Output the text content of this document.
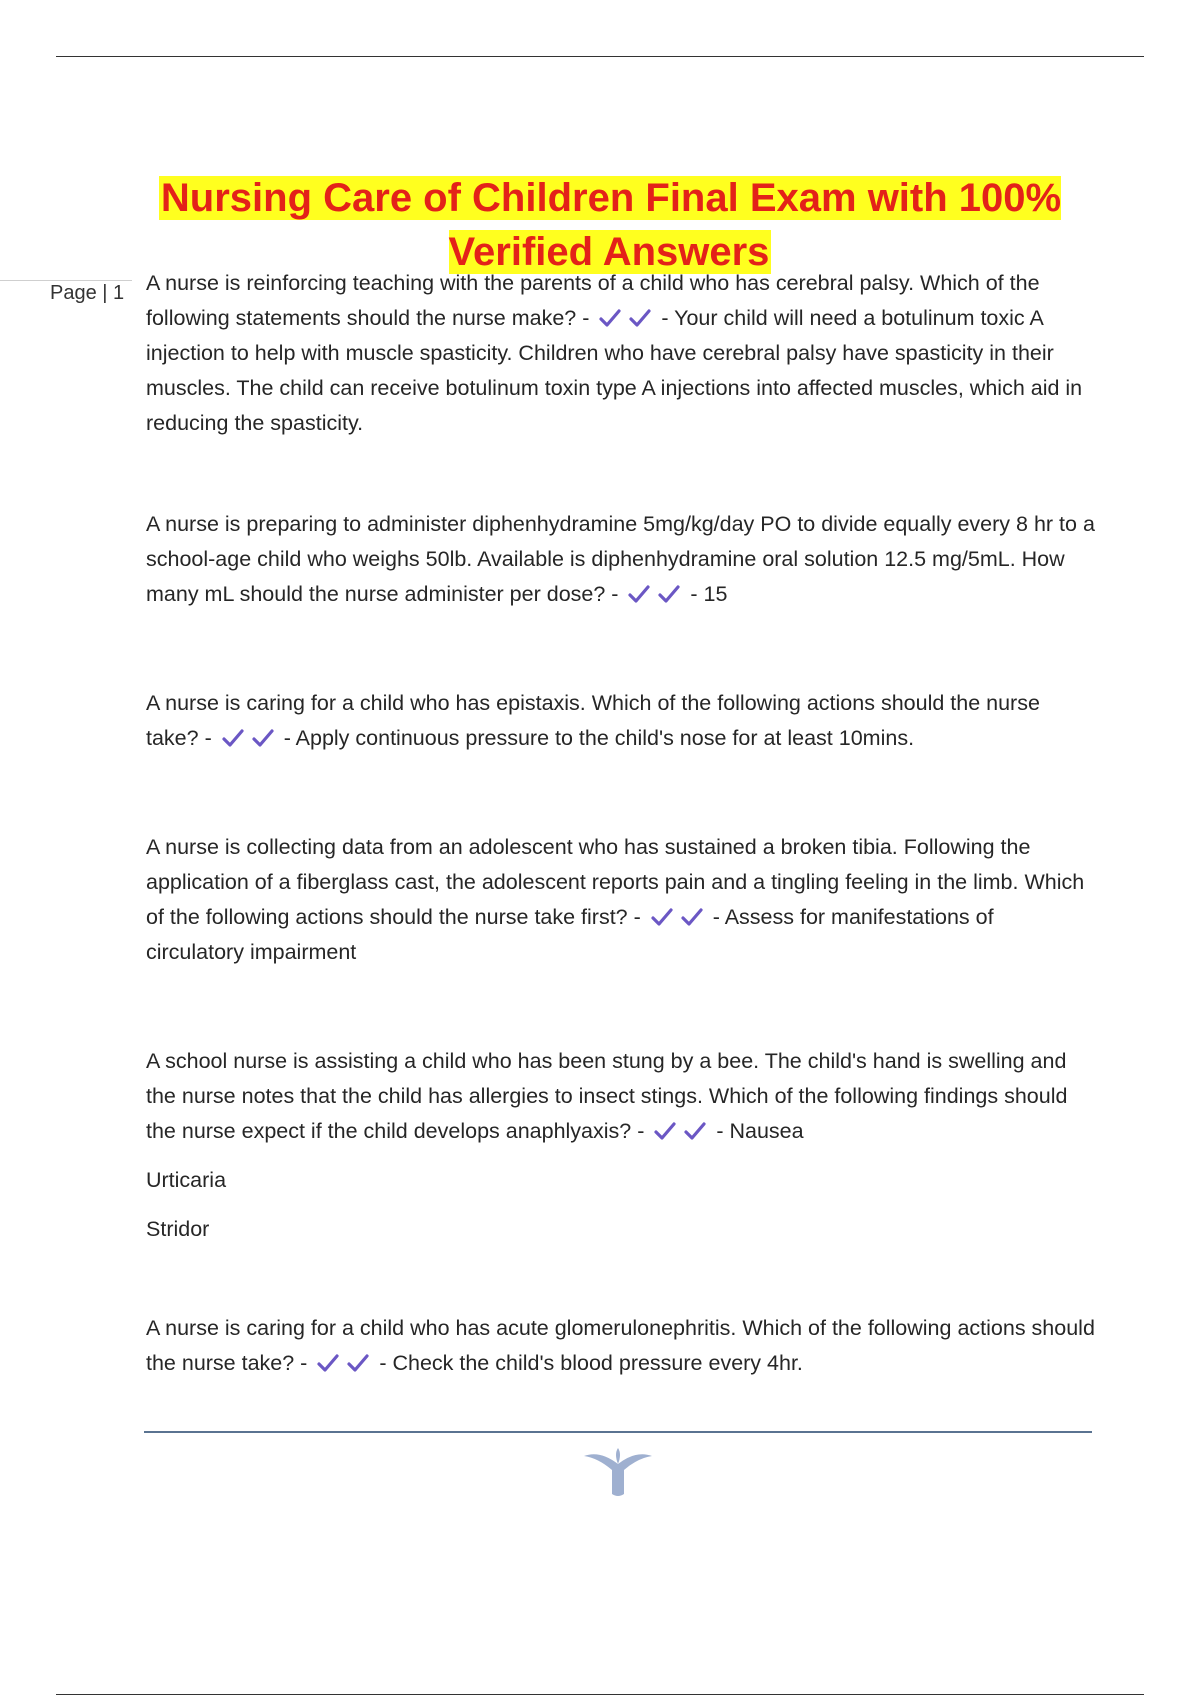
Nursing Care of Children Final Exam with 100% Verified Answers
Page | 1 A nurse is reinforcing teaching with the parents of a child who has cerebral palsy. Which of the following statements should the nurse make? -	- Your child will need a botulinum toxic A injection to help with muscle spasticity. Children who have cerebral palsy have spasticity in their muscles. The child can receive botulinum toxin type A injections into affected muscles, which aid in reducing the spasticity.

A nurse is preparing to administer diphenhydramine 5mg/kg/day PO to divide equally every 8 hr to a school-age child who weighs 50lb. Available is diphenhydramine oral solution 12.5 mg/5mL. How many mL should the nurse administer per dose? -	- 15

A nurse is caring for a child who has epistaxis. Which of the following actions should the nurse take? -	- Apply continuous pressure to the child's nose for at least 10mins.

A nurse is collecting data from an adolescent who has sustained a broken tibia. Following the application of a fiberglass cast, the adolescent reports pain and a tingling feeling in the limb. Which of the following actions should the nurse take first? -	- Assess for manifestations of circulatory impairment

A school nurse is assisting a child who has been stung by a bee. The child's hand is swelling and the nurse notes that the child has allergies to insect stings. Which of the following findings should the nurse expect if the child develops anaphlyaxis? -	- Nausea

Urticaria

Stridor

A nurse is caring for a child who has acute glomerulonephritis. Which of the following actions should the nurse take? -	- Check the child's blood pressure every 4hr.
